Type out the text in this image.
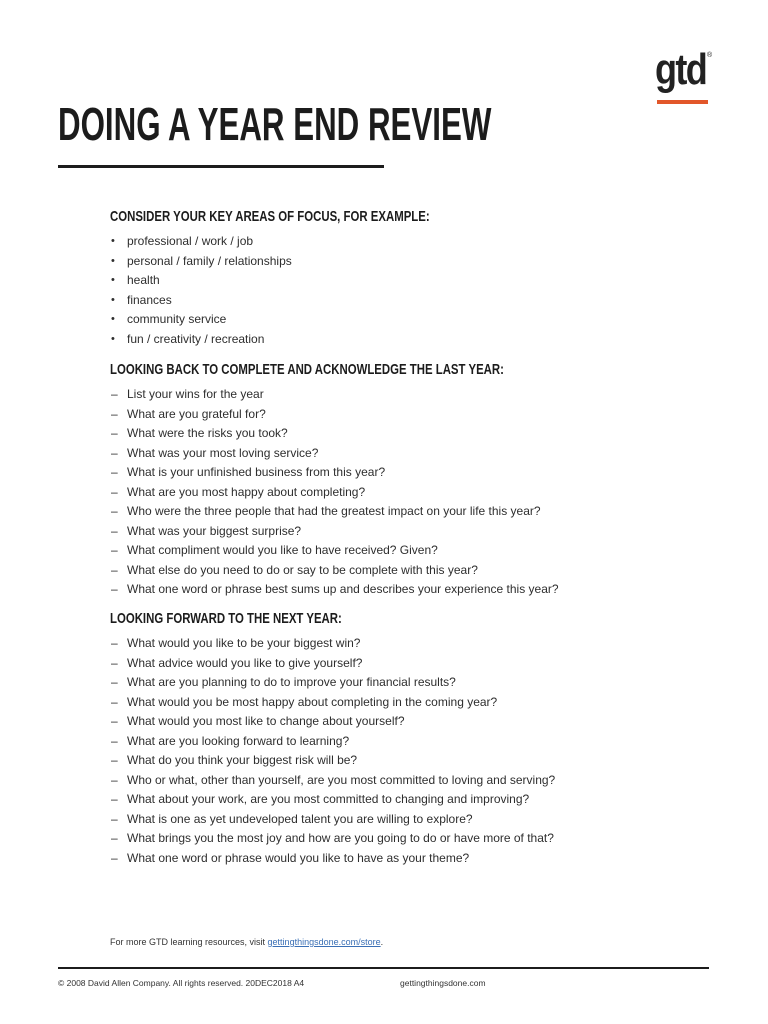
gtd ®
DOING A YEAR END REVIEW
CONSIDER YOUR KEY AREAS OF FOCUS, FOR EXAMPLE:
• professional / work / job
• personal / family / relationships
• health
• finances
• community service
• fun / creativity / recreation
LOOKING BACK TO COMPLETE AND ACKNOWLEDGE THE LAST YEAR:
– List your wins for the year
– What are you grateful for?
– What were the risks you took?
– What was your most loving service?
– What is your unfinished business from this year?
– What are you most happy about completing?
– Who were the three people that had the greatest impact on your life this year?
– What was your biggest surprise?
– What compliment would you like to have received? Given?
– What else do you need to do or say to be complete with this year?
– What one word or phrase best sums up and describes your experience this year?
LOOKING FORWARD TO THE NEXT YEAR:
– What would you like to be your biggest win?
– What advice would you like to give yourself?
– What are you planning to do to improve your financial results?
– What would you be most happy about completing in the coming year?
– What would you most like to change about yourself?
– What are you looking forward to learning?
– What do you think your biggest risk will be?
– Who or what, other than yourself, are you most committed to loving and serving?
– What about your work, are you most committed to changing and improving?
– What is one as yet undeveloped talent you are willing to explore?
– What brings you the most joy and how are you going to do or have more of that?
– What one word or phrase would you like to have as your theme?
For more GTD learning resources, visit gettingthingsdone.com/store.
© 2008 David Allen Company. All rights reserved. 20DEC2018 A4	gettingthingsdone.com
